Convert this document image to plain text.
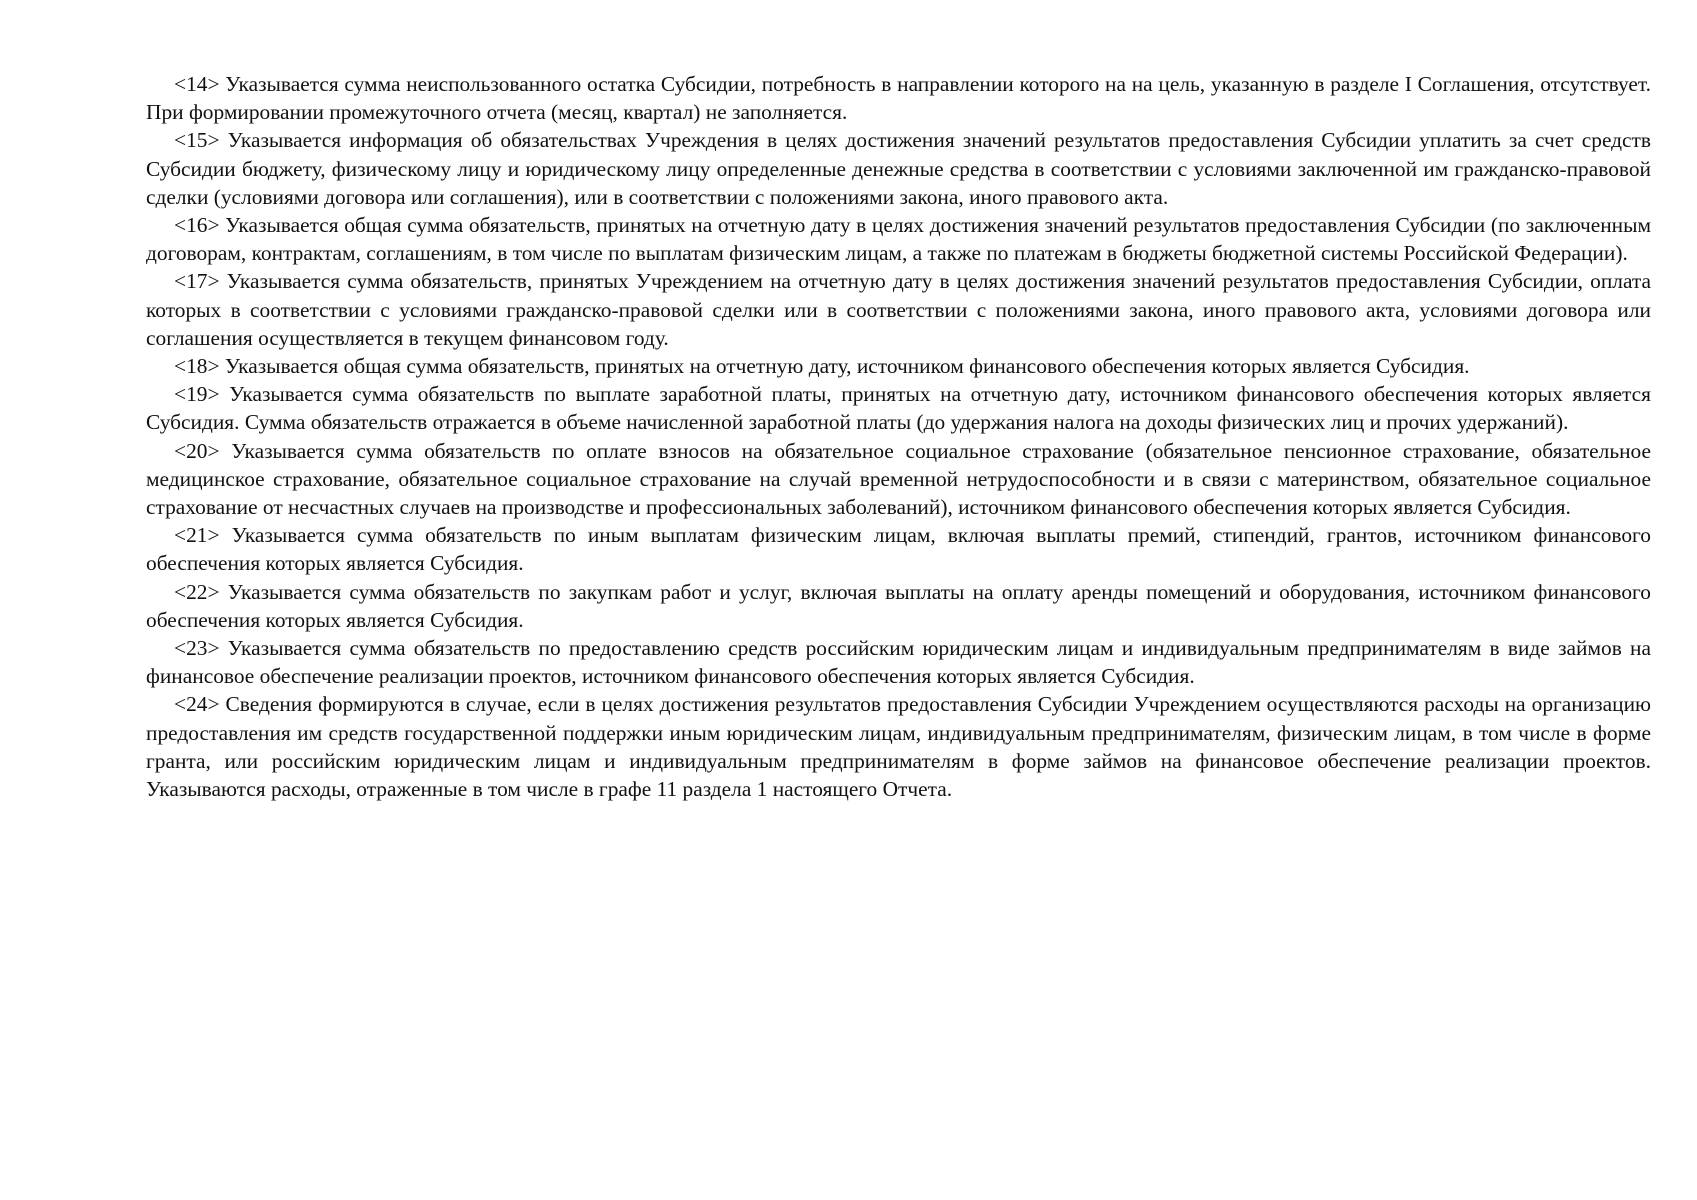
<14> Указывается сумма неиспользованного остатка Субсидии, потребность в направлении которого на на цель, указанную в разделе I Соглашения, отсутствует. При формировании промежуточного отчета (месяц, квартал) не заполняется.

<15> Указывается информация об обязательствах Учреждения в целях достижения значений результатов предоставления Субсидии уплатить за счет средств Субсидии бюджету, физическому лицу и юридическому лицу определенные денежные средства в соответствии с условиями заключенной им гражданско-правовой сделки (условиями договора или соглашения), или в соответствии с положениями закона, иного правового акта.

<16> Указывается общая сумма обязательств, принятых на отчетную дату в целях достижения значений результатов предоставления Субсидии (по заключенным договорам, контрактам, соглашениям, в том числе по выплатам физическим лицам, а также по платежам в бюджеты бюджетной системы Российской Федерации).

<17> Указывается сумма обязательств, принятых Учреждением на отчетную дату в целях достижения значений результатов предоставления Субсидии, оплата которых в соответствии с условиями гражданско-правовой сделки или в соответствии с положениями закона, иного правового акта, условиями договора или соглашения осуществляется в текущем финансовом году.

<18> Указывается общая сумма обязательств, принятых на отчетную дату, источником финансового обеспечения которых является Субсидия.

<19> Указывается сумма обязательств по выплате заработной платы, принятых на отчетную дату, источником финансового обеспечения которых является Субсидия. Сумма обязательств отражается в объеме начисленной заработной платы (до удержания налога на доходы физических лиц и прочих удержаний).

<20> Указывается сумма обязательств по оплате взносов на обязательное социальное страхование (обязательное пенсионное страхование, обязательное медицинское страхование, обязательное социальное страхование на случай временной нетрудоспособности и в связи с материнством, обязательное социальное страхование от несчастных случаев на производстве и профессиональных заболеваний), источником финансового обеспечения которых является Субсидия.

<21> Указывается сумма обязательств по иным выплатам физическим лицам, включая выплаты премий, стипендий, грантов, источником финансового обеспечения которых является Субсидия.

<22> Указывается сумма обязательств по закупкам работ и услуг, включая выплаты на оплату аренды помещений и оборудования, источником финансового обеспечения которых является Субсидия.

<23> Указывается сумма обязательств по предоставлению средств российским юридическим лицам и индивидуальным предпринимателям в виде займов на финансовое обеспечение реализации проектов, источником финансового обеспечения которых является Субсидия.

<24> Сведения формируются в случае, если в целях достижения результатов предоставления Субсидии Учреждением осуществляются расходы на организацию предоставления им средств государственной поддержки иным юридическим лицам, индивидуальным предпринимателям, физическим лицам, в том числе в форме гранта, или российским юридическим лицам и индивидуальным предпринимателям в форме займов на финансовое обеспечение реализации проектов. Указываются расходы, отраженные в том числе в графе 11 раздела 1 настоящего Отчета.
